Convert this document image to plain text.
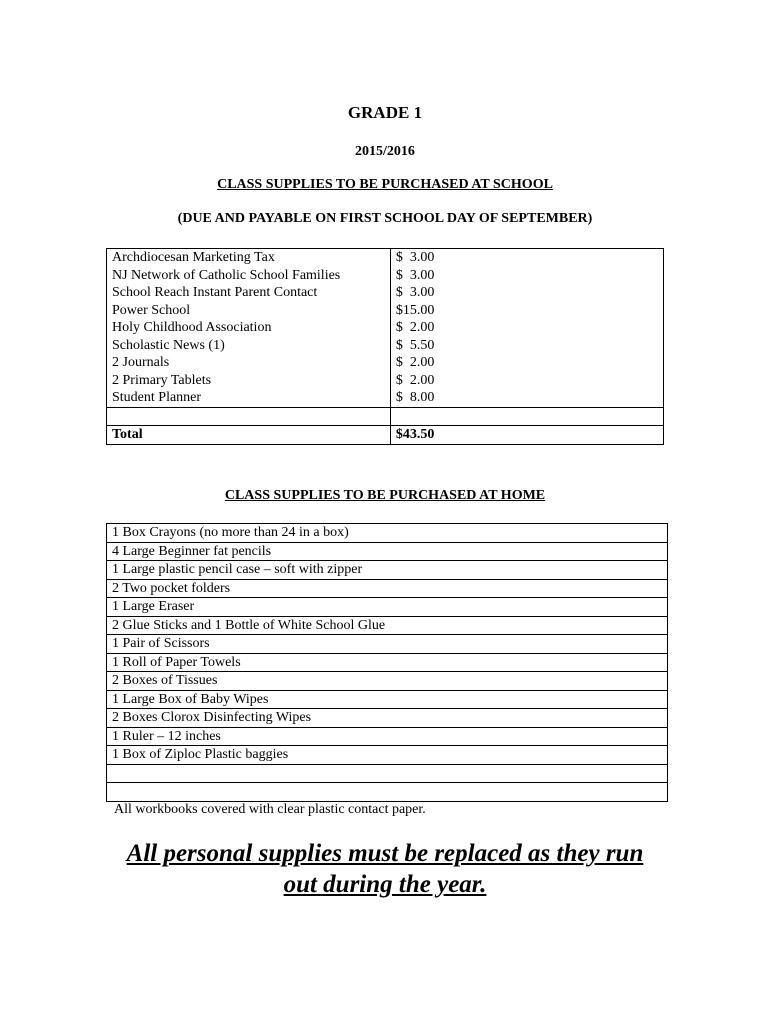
GRADE 1
2015/2016
CLASS SUPPLIES TO BE PURCHASED AT SCHOOL
(DUE AND PAYABLE ON FIRST SCHOOL DAY OF SEPTEMBER)
Archdiocesan Marketing Tax	$  3.00
NJ Network of Catholic School Families	$  3.00
School Reach Instant Parent Contact	$  3.00
Power School	$15.00
Holy Childhood Association	$  2.00
Scholastic News (1)	$  5.50
2 Journals	$  2.00
2 Primary Tablets	$  2.00
Student Planner	$  8.00

Total	$43.50
CLASS SUPPLIES TO BE PURCHASED AT HOME
1 Box Crayons (no more than 24 in a box)
4 Large Beginner fat pencils
1 Large plastic pencil case – soft with zipper
2 Two pocket folders
1 Large Eraser
2 Glue Sticks and 1 Bottle of White School Glue
1 Pair of Scissors
1 Roll of Paper Towels
2 Boxes of Tissues
1 Large Box of Baby Wipes
2 Boxes Clorox Disinfecting Wipes
1 Ruler – 12 inches
1 Box of Ziploc Plastic baggies

All workbooks covered with clear plastic contact paper.
All personal supplies must be replaced as they run
out during the year.
